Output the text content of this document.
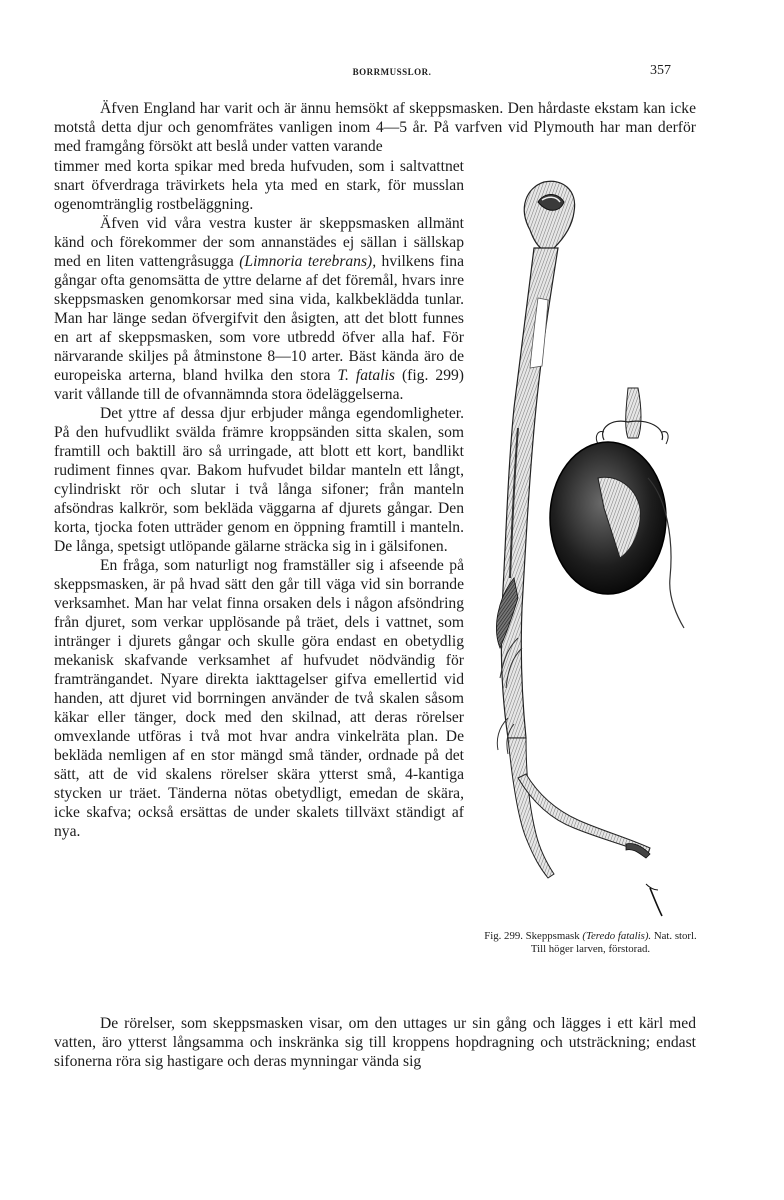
BORRMUSSLOR.	357

Äfven England har varit och är ännu hemsökt af skeppsmasken. Den hårdaste ekstam kan icke motstå detta djur och genomfrätes vanligen inom 4—5 år. På varfven vid Plymouth har man derför med framgång försökt att beslå under vatten varande

timmer med korta spikar med breda hufvuden, som i saltvattnet snart öfverdraga trävirkets hela yta med en stark, för musslan ogenomtränglig rostbeläggning.

Äfven vid våra vestra kuster är skeppsmasken allmänt känd och förekommer der som annanstädes ej sällan i sällskap med en liten vattengråsugga (Limnoria terebrans), hvilkens fina gångar ofta genomsätta de yttre delarne af det föremål, hvars inre skeppsmasken genomkorsar med sina vida, kalkbeklädda tunlar. Man har länge sedan öfvergifvit den åsigten, att det blott funnes en art af skeppsmasken, som vore utbredd öfver alla haf. För närvarande skiljes på åtminstone 8—10 arter. Bäst kända äro de europeiska arterna, bland hvilka den stora T. fatalis (fig. 299) varit vållande till de ofvannämnda stora ödeläggelserna.

Det yttre af dessa djur erbjuder många egendomligheter. På den hufvudlikt svälda främre kroppsänden sitta skalen, som framtill och baktill äro så urringade, att blott ett kort, bandlikt rudiment finnes qvar. Bakom hufvudet bildar manteln ett långt, cylindriskt rör och slutar i två långa sifoner; från manteln afsöndras kalkrör, som bekläda väggarna af djurets gångar. Den korta, tjocka foten utträder genom en öppning framtill i manteln. De långa, spetsigt utlöpande gälarne sträcka sig in i gälsifonen.

En fråga, som naturligt nog framställer sig i afseende på skeppsmasken, är på hvad sätt den går till väga vid sin borrande verksamhet. Man har velat finna orsaken dels i någon afsöndring från djuret, som verkar upplösande på träet, dels i vattnet, som intränger i djurets gångar och skulle göra endast en obetydlig mekanisk skafvande verksamhet af hufvudet nödvändig för framträngandet. Nyare direkta iakttagelser gifva emellertid vid handen, att djuret vid borrningen använder de två skalen såsom käkar eller tänger, dock med den skilnad, att deras rörelser omvexlande utföras i två mot hvar andra vinkelräta plan. De bekläda nemligen af en stor mängd små tänder, ordnade på det sätt, att de vid skalens rörelser skära ytterst små, 4-kantiga stycken ur träet. Tänderna nötas obetydligt, emedan de skära, icke skafva; också ersättas de under skalets tillväxt ständigt af nya.

De rörelser, som skeppsmasken visar, om den uttages ur sin gång och lägges i ett kärl med vatten, äro ytterst långsamma och inskränka sig till kroppens hopdragning och utsträckning; endast sifonerna röra sig hastigare och deras mynningar vända sig

Fig. 299. Skeppsmask (Teredo fatalis). Nat. storl.
Till höger larven, förstorad.
